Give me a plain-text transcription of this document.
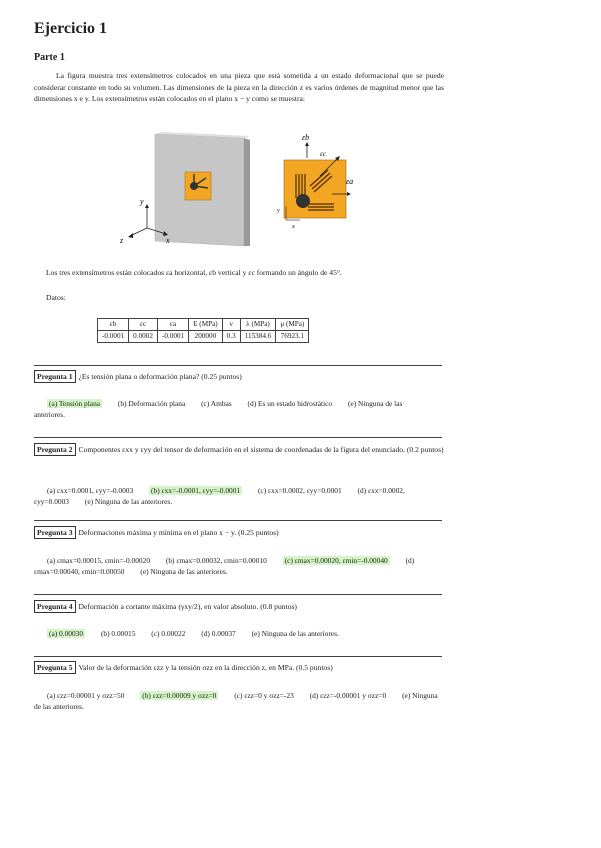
Ejercicio 1
Parte 1

La figura muestra tres extensímetros colocados en una pieza que está sometida a un estado deformacional que se puede considerar constante en todo su volumen. Las dimensiones de la pieza en la dirección z es varios órdenes de magnitud menor que las dimensiones x e y. Los extensímetros están colocados en el plano x − y como se muestra:

y
x
z
εb
εc
εa
y
x
Los tres extensímetros están colocados εa horizontal, εb vertical y εc formando un ángulo de 45°.
Datos:
εb	εc	εa	E (MPa)	ν	λ (MPa)	μ (MPa)
-0.0001	0.0002	-0.0001	200000	0.3	115384.6	76923.1
Pregunta 1 ¿Es tensión plana o deformación plana? (0.25 puntos)
(a) Tensión plana (b) Deformación plana (c) Ambas (d) Es un estado hidrostático (e) Ninguna de las anteriores.
Pregunta 2 Componentes εxx y εyy del tensor de deformación en el sistema de coordenadas de la figura del enunciado. (0.2 puntos)
(a) εxx=0.0001, εyy=-0.0003 (b) εxx=-0.0001, εyy=-0.0001 (c) εxx=0.0002, εyy=0.0001 (d) εxx=0.0002, εyy=0.0003 (e) Ninguna de las anteriores.
Pregunta 3 Deformaciones máxima y mínima en el plano x − y. (0.25 puntos)
(a) εmax=0.00015, εmin=-0.00020 (b) εmax=0.00032, εmin=0.00010 (c) εmax=0.00020, εmin=-0.00040 (d) εmax=0.00040, εmin=0.00050 (e) Ninguna de las anteriores.
Pregunta 4 Deformación a cortante máxima (γxy/2), en valor absoluto. (0.8 puntos)
(a) 0.00030 (b) 0.00015 (c) 0.00022 (d) 0.00037 (e) Ninguna de las anteriores.
Pregunta 5 Valor de la deformación εzz y la tensión σzz en la dirección z, en MPa. (0.5 puntos)
(a) εzz=0.00001 y σzz=50 (b) εzz=0.00009 y σzz=0 (c) εzz=0 y σzz=-23 (d) εzz=-0.00001 y σzz=0 (e) Ninguna de las anteriores.
